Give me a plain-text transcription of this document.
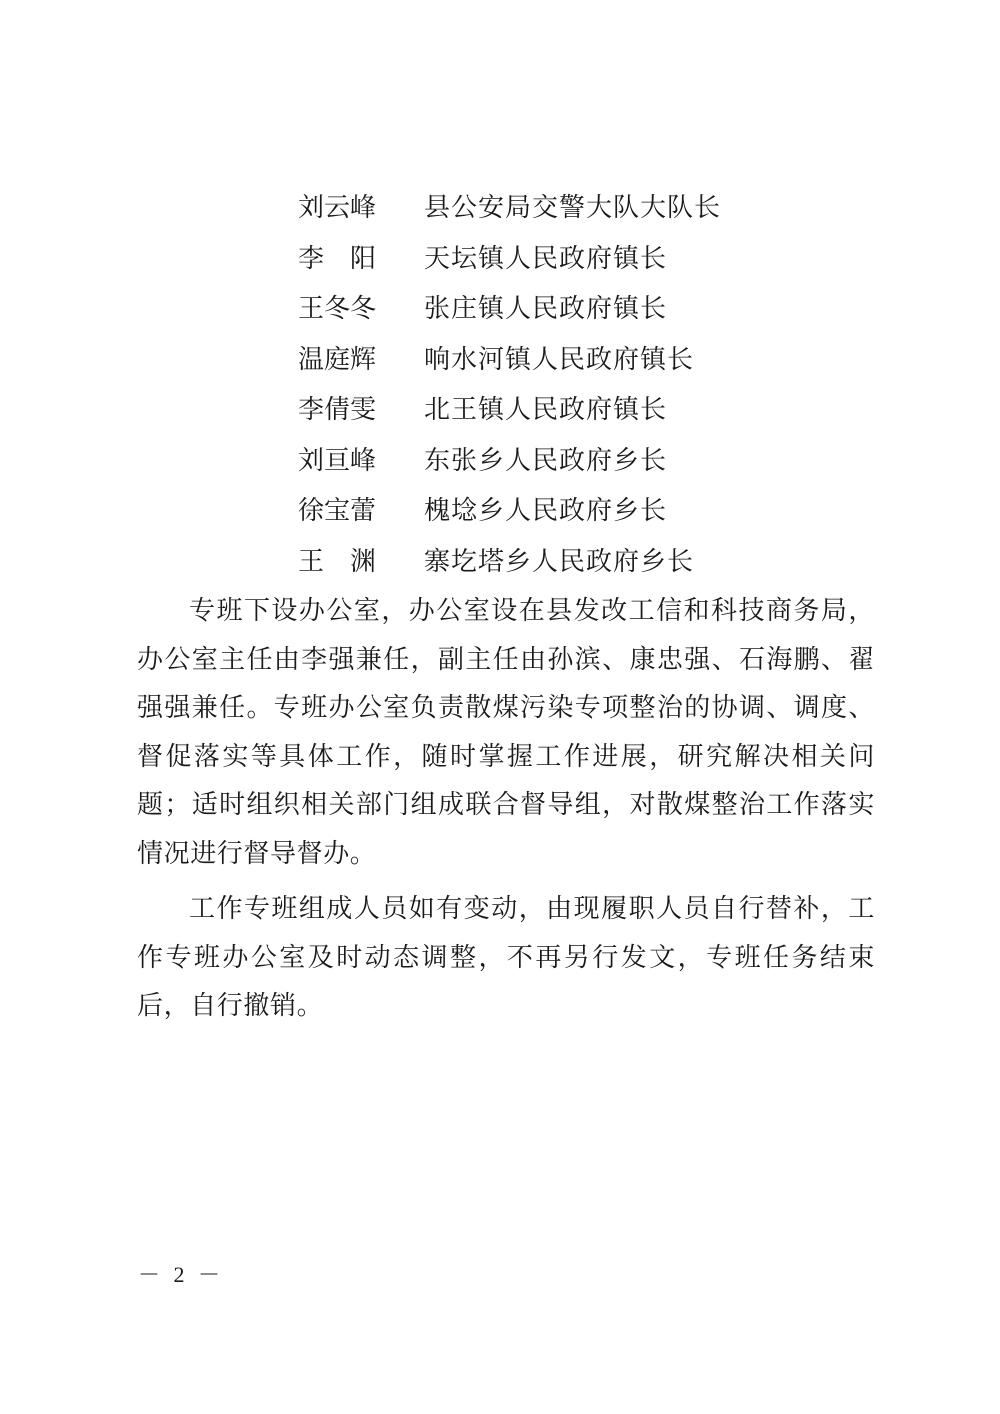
刘云峰	县公安局交警大队大队长
李　阳	天坛镇人民政府镇长
王冬冬	张庄镇人民政府镇长
温庭辉	响水河镇人民政府镇长
李倩雯	北王镇人民政府镇长
刘亘峰	东张乡人民政府乡长
徐宝蕾	槐埝乡人民政府乡长
王　渊	寨圪塔乡人民政府乡长

专班下设办公室，办公室设在县发改工信和科技商务局，办公室主任由李强兼任，副主任由孙滨、康忠强、石海鹏、翟强强兼任。专班办公室负责散煤污染专项整治的协调、调度、督促落实等具体工作，随时掌握工作进展，研究解决相关问题；适时组织相关部门组成联合督导组，对散煤整治工作落实情况进行督导督办。

工作专班组成人员如有变动，由现履职人员自行替补，工作专班办公室及时动态调整，不再另行发文，专班任务结束后，自行撤销。

－ 2 －
